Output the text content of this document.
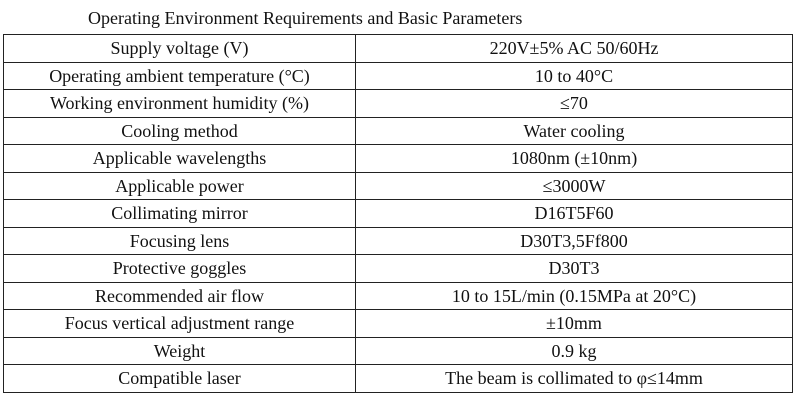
Operating Environment Requirements and Basic Parameters
Supply voltage (V)	220V±5% AC 50/60Hz
Operating ambient temperature (°C)	10 to 40°C
Working environment humidity (%)	≤70
Cooling method	Water cooling
Applicable wavelengths	1080nm (±10nm)
Applicable power	≤3000W
Collimating mirror	D16T5F60
Focusing lens	D30T3,5Ff800
Protective goggles	D30T3
Recommended air flow	10 to 15L/min (0.15MPa at 20°C)
Focus vertical adjustment range	±10mm
Weight	0.9 kg
Compatible laser	The beam is collimated to φ≤14mm
